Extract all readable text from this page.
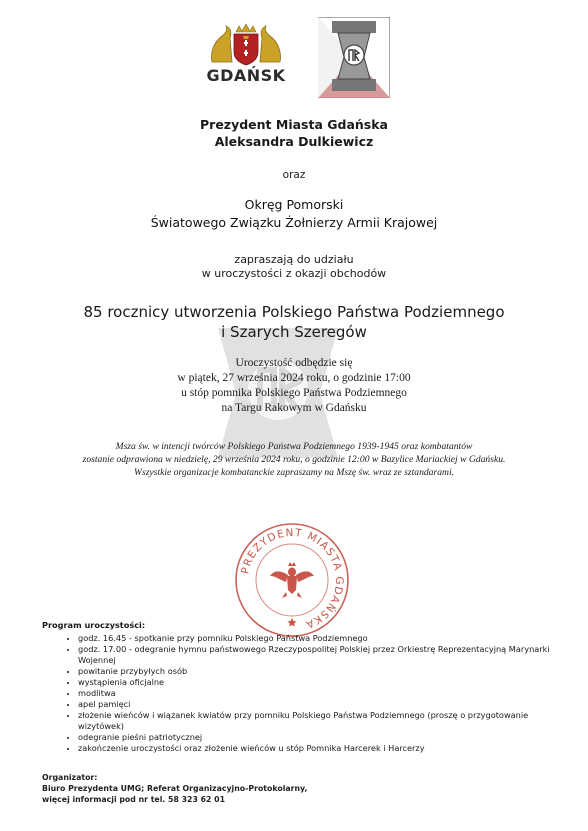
GDAŃSK
Prezydent Miasta Gdańska
Aleksandra Dulkiewicz
oraz
Okręg Pomorski
Światowego Związku Żołnierzy Armii Krajowej
zapraszają do udziału
w uroczystości z okazji obchodów
85 rocznicy utworzenia Polskiego Państwa Podziemnego
i Szarych Szeregów
Uroczystość odbędzie się
w piątek, 27 września 2024 roku, o godzinie 17:00
u stóp pomnika Polskiego Państwa Podziemnego
na Targu Rakowym w Gdańsku
Msza św. w intencji twórców Polskiego Państwa Podziemnego 1939-1945 oraz kombatantów
zostanie odprawiona w niedzielę, 29 września 2024 roku, o godzinie 12:00 w Bazylice Mariackiej w Gdańsku.
Wszystkie organizacje kombatanckie zapraszamy na Mszę św. wraz ze sztandarami.
PREZYDENT MIASTA GDAŃSKA
Program uroczystości:
• godz. 16.45 - spotkanie przy pomniku Polskiego Państwa Podziemnego
• godz. 17.00 - odegranie hymnu państwowego Rzeczypospolitej Polskiej przez Orkiestrę Reprezentacyjną Marynarki Wojennej
• powitanie przybyłych osób
• wystąpienia oficjalne
• modlitwa
• apel pamięci
• złożenie wieńców i wiązanek kwiatów przy pomniku Polskiego Państwa Podziemnego (proszę o przygotowanie wizytówek)
• odegranie pieśni patriotycznej
• zakończenie uroczystości oraz złożenie wieńców u stóp Pomnika Harcerek i Harcerzy
Organizator:
Biuro Prezydenta UMG; Referat Organizacyjno-Protokolarny,
więcej informacji pod nr tel. 58 323 62 01
